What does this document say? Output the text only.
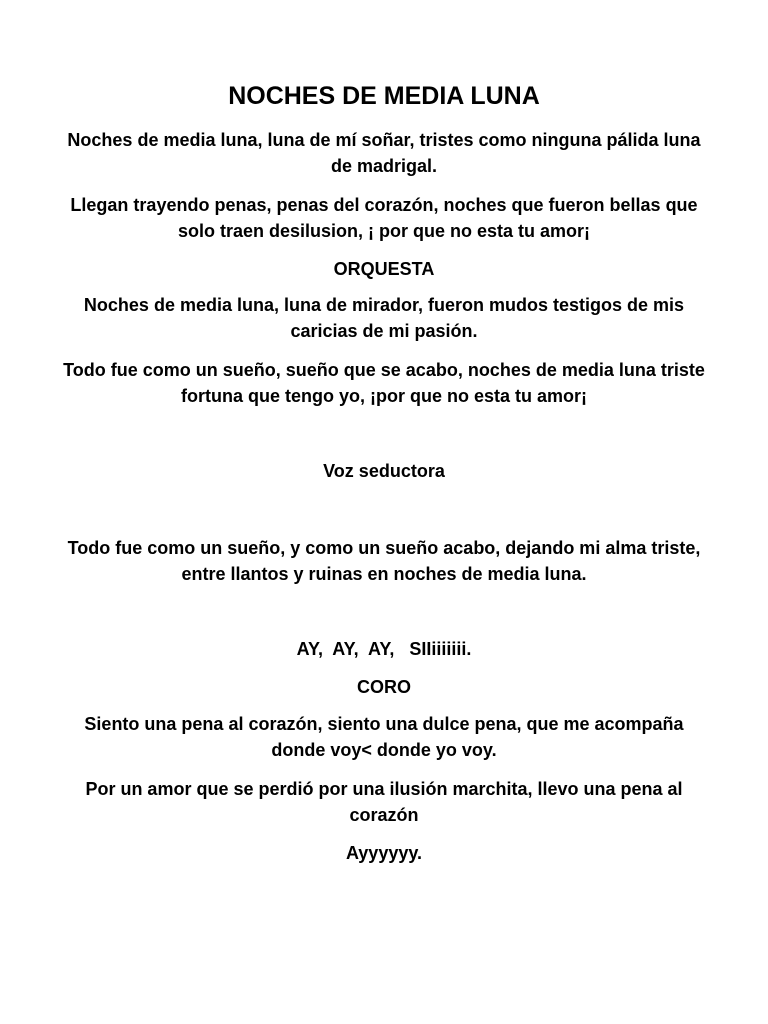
NOCHES DE MEDIA LUNA

Noches de media luna, luna de mí soñar, tristes como ninguna pálida luna de madrigal.

Llegan trayendo penas, penas del corazón, noches que fueron bellas que solo traen desilusion, ¡ por que no esta tu amor¡

ORQUESTA

Noches de media luna, luna de mirador, fueron mudos testigos de mis caricias de mi pasión.

Todo fue como un sueño, sueño que se acabo, noches de media luna triste fortuna que tengo yo, ¡por que no esta tu amor¡

Voz seductora

Todo fue como un sueño, y como un sueño acabo, dejando mi alma triste, entre llantos y ruinas en noches de media luna.

AY,  AY,  AY,   SIIiiiiiii.

CORO

Siento una pena al corazón, siento una dulce pena, que me acompaña donde voy< donde yo voy.

Por un amor que se perdió por una ilusión marchita, llevo una pena al corazón

Ayyyyyy.
